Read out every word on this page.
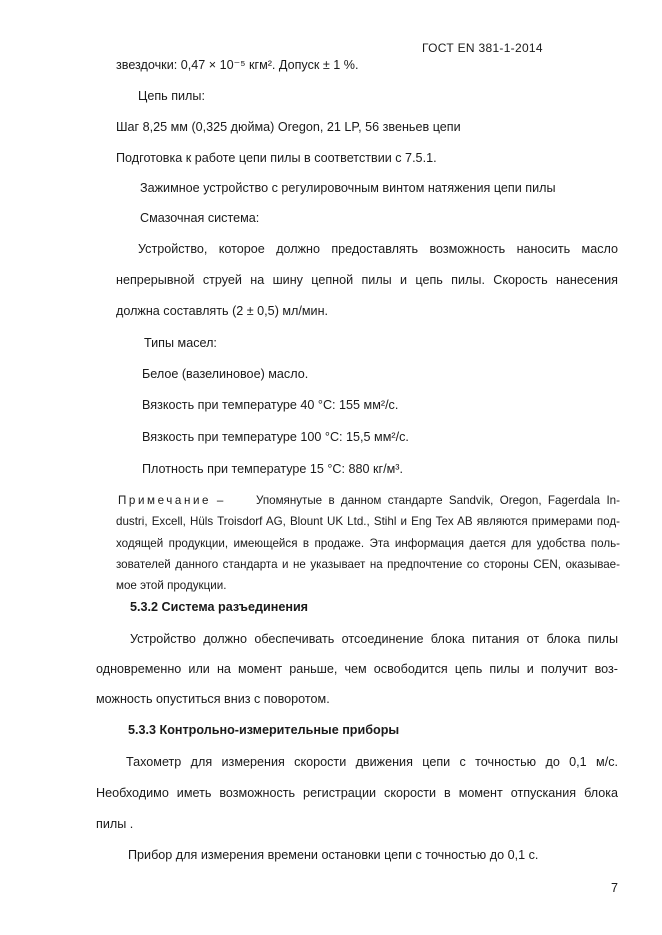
ГОСТ EN 381-1-2014
звездочки: 0,47 × 10⁻⁵ кгм². Допуск ± 1 %.
Цепь пилы:
Шаг 8,25 мм (0,325 дюйма) Oregon, 21 LP, 56 звеньев цепи
Подготовка к работе цепи пилы в соответствии с 7.5.1.
Зажимное устройство с регулировочным винтом натяжения цепи пилы
Смазочная система:
Устройство, которое должно предоставлять возможность наносить масло
непрерывной струей на шину цепной пилы и цепь пилы. Скорость нанесения
должна составлять (2 ± 0,5) мл/мин.
Типы масел:
Белое (вазелиновое) масло.
Вязкость при температуре 40 °С: 155 мм²/с.
Вязкость при температуре 100 °С: 15,5 мм²/с.
Плотность при температуре 15 °С: 880 кг/м³.
Примечание –	Упомянутые в данном стандарте Sandvik, Oregon, Fagerdala In-
dustri, Excell, Hüls Troisdorf AG, Blount UK Ltd., Stihl и Eng Tex AB являются примерами под-
ходящей продукции, имеющейся в продаже. Эта информация дается для удобства поль-
зователей данного стандарта и не указывает на предпочтение со стороны CEN, оказывае-
мое этой продукции.
5.3.2 Система разъединения
Устройство должно обеспечивать отсоединение блока питания от блока пилы
одновременно или на момент раньше, чем освободится цепь пилы и получит воз-
можность опуститься вниз с поворотом.
5.3.3 Контрольно-измерительные приборы
Тахометр для измерения скорости движения цепи с точностью до 0,1 м/с.
Необходимо иметь возможность регистрации скорости в момент отпускания блока
пилы .
Прибор для измерения времени остановки цепи с точностью до 0,1 с.
7
